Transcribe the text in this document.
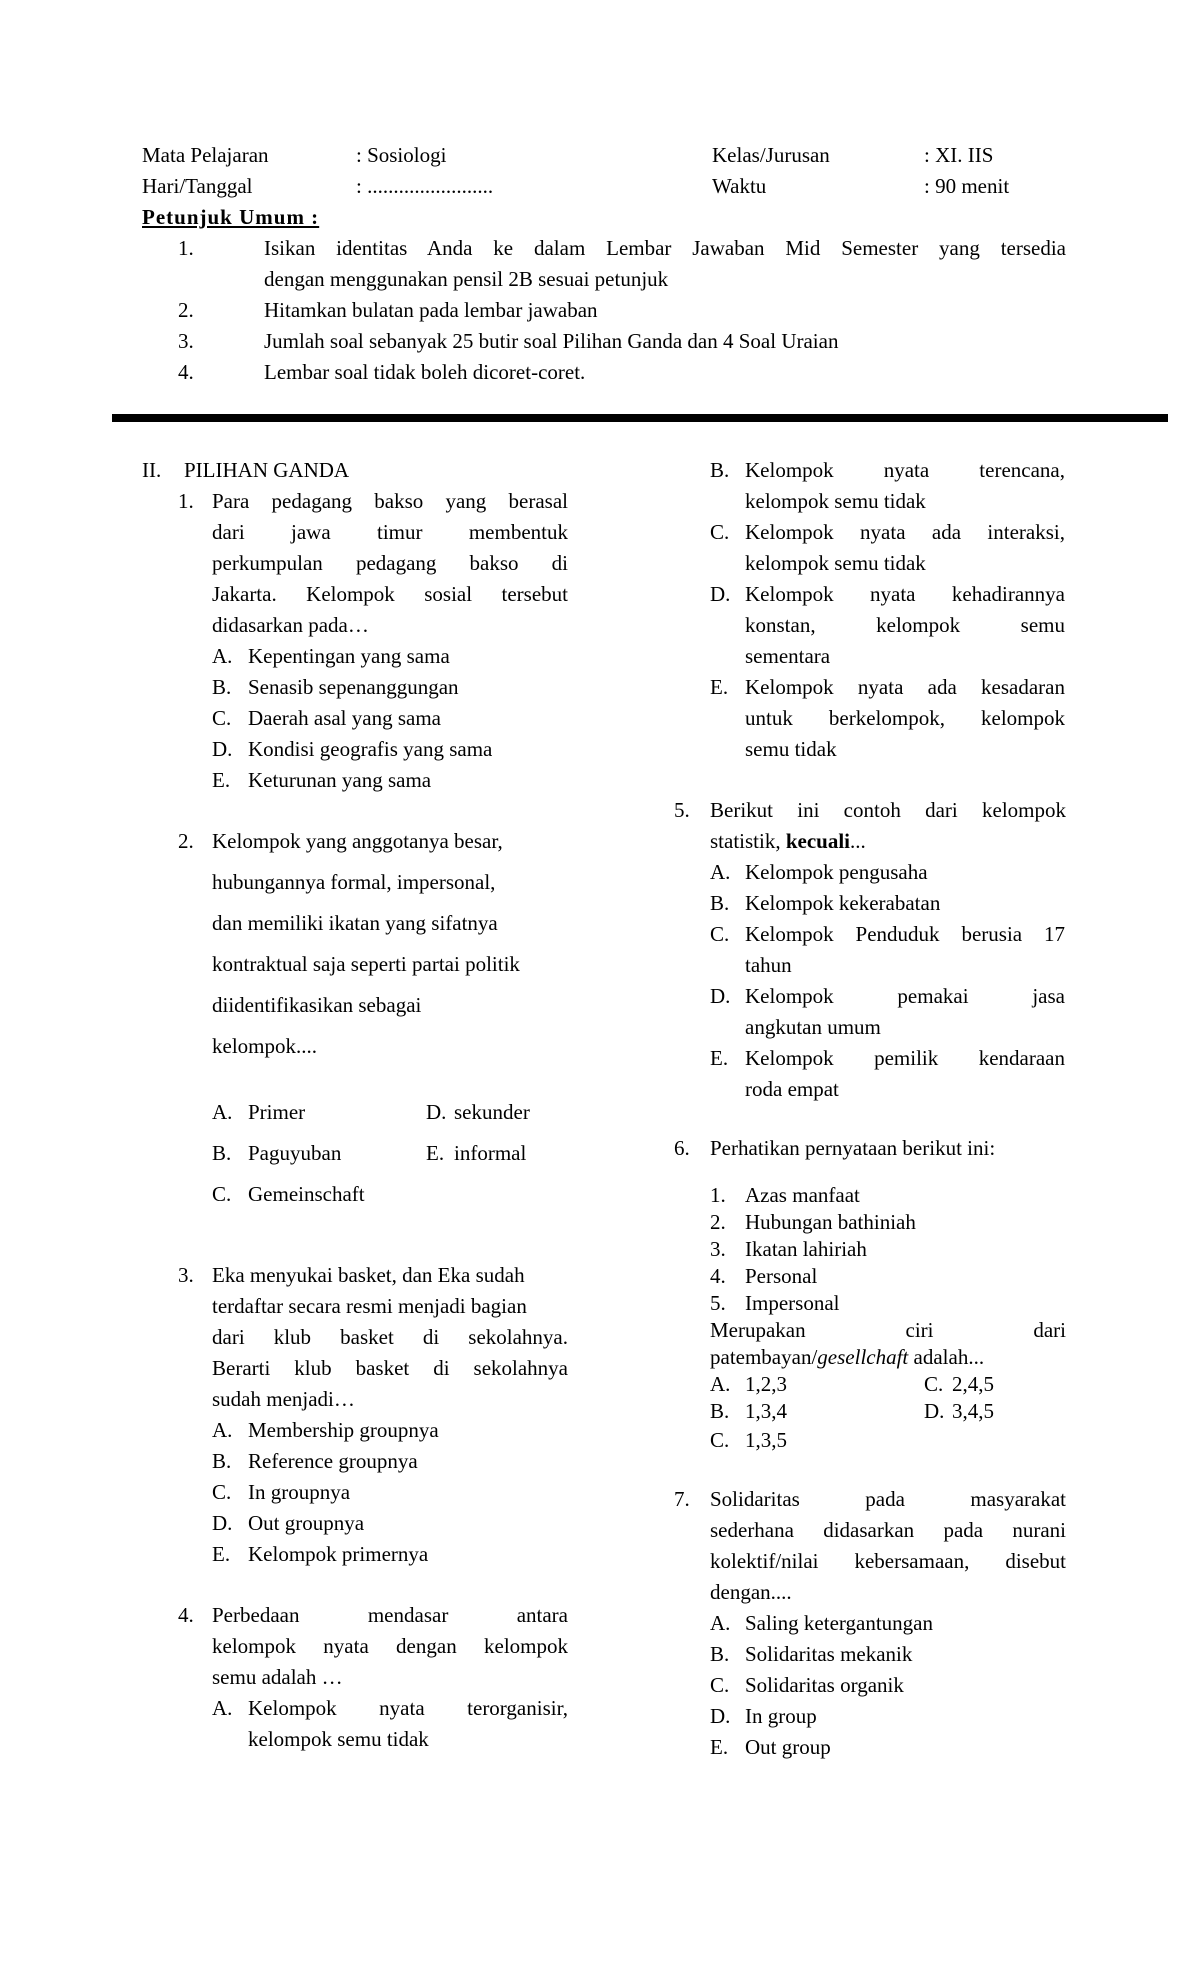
Mata Pelajaran	: Sosiologi	Kelas/Jurusan	: XI. IIS
Hari/Tanggal	: ........................	Waktu	: 90 menit
Petunjuk Umum :
1.	Isikan identitas Anda ke dalam Lembar Jawaban Mid Semester yang tersedia
dengan menggunakan pensil 2B sesuai petunjuk
2.	Hitamkan bulatan pada lembar jawaban
3.	Jumlah soal sebanyak 25 butir soal Pilihan Ganda dan 4 Soal Uraian
4.	Lembar soal tidak boleh dicoret-coret.
II. PILIHAN GANDA
1. Para pedagang bakso yang berasal
dari jawa timur membentuk
perkumpulan pedagang bakso di
Jakarta. Kelompok sosial tersebut
didasarkan pada…
A. Kepentingan yang sama
B. Senasib sepenanggungan
C. Daerah asal yang sama
D. Kondisi geografis yang sama
E. Keturunan yang sama
2. Kelompok yang anggotanya besar,
hubungannya formal, impersonal,
dan memiliki ikatan yang sifatnya
kontraktual saja seperti partai politik
diidentifikasikan sebagai
kelompok....
A. Primer	D. sekunder
B. Paguyuban	E. informal
C. Gemeinschaft
3. Eka menyukai basket, dan Eka sudah
terdaftar secara resmi menjadi bagian
dari klub basket di sekolahnya.
Berarti klub basket di sekolahnya
sudah menjadi…
A. Membership groupnya
B. Reference groupnya
C. In groupnya
D. Out groupnya
E. Kelompok primernya
4. Perbedaan mendasar antara
kelompok nyata dengan kelompok
semu adalah …
A. Kelompok nyata terorganisir,
kelompok semu tidak
B. Kelompok nyata terencana,
kelompok semu tidak
C. Kelompok nyata ada interaksi,
kelompok semu tidak
D. Kelompok nyata kehadirannya
konstan, kelompok semu
sementara
E. Kelompok nyata ada kesadaran
untuk berkelompok, kelompok
semu tidak
5. Berikut ini contoh dari kelompok
statistik, kecuali...
A. Kelompok pengusaha
B. Kelompok kekerabatan
C. Kelompok Penduduk berusia 17
tahun
D. Kelompok pemakai jasa
angkutan umum
E. Kelompok pemilik kendaraan
roda empat
6. Perhatikan pernyataan berikut ini:
1. Azas manfaat
2. Hubungan bathiniah
3. Ikatan lahiriah
4. Personal
5. Impersonal
Merupakan ciri dari
patembayan/gesellchaft adalah...
A. 1,2,3	C. 2,4,5
B. 1,3,4	D. 3,4,5
C. 1,3,5
7. Solidaritas pada masyarakat
sederhana didasarkan pada nurani
kolektif/nilai kebersamaan, disebut
dengan....
A. Saling ketergantungan
B. Solidaritas mekanik
C. Solidaritas organik
D. In group
E. Out group
